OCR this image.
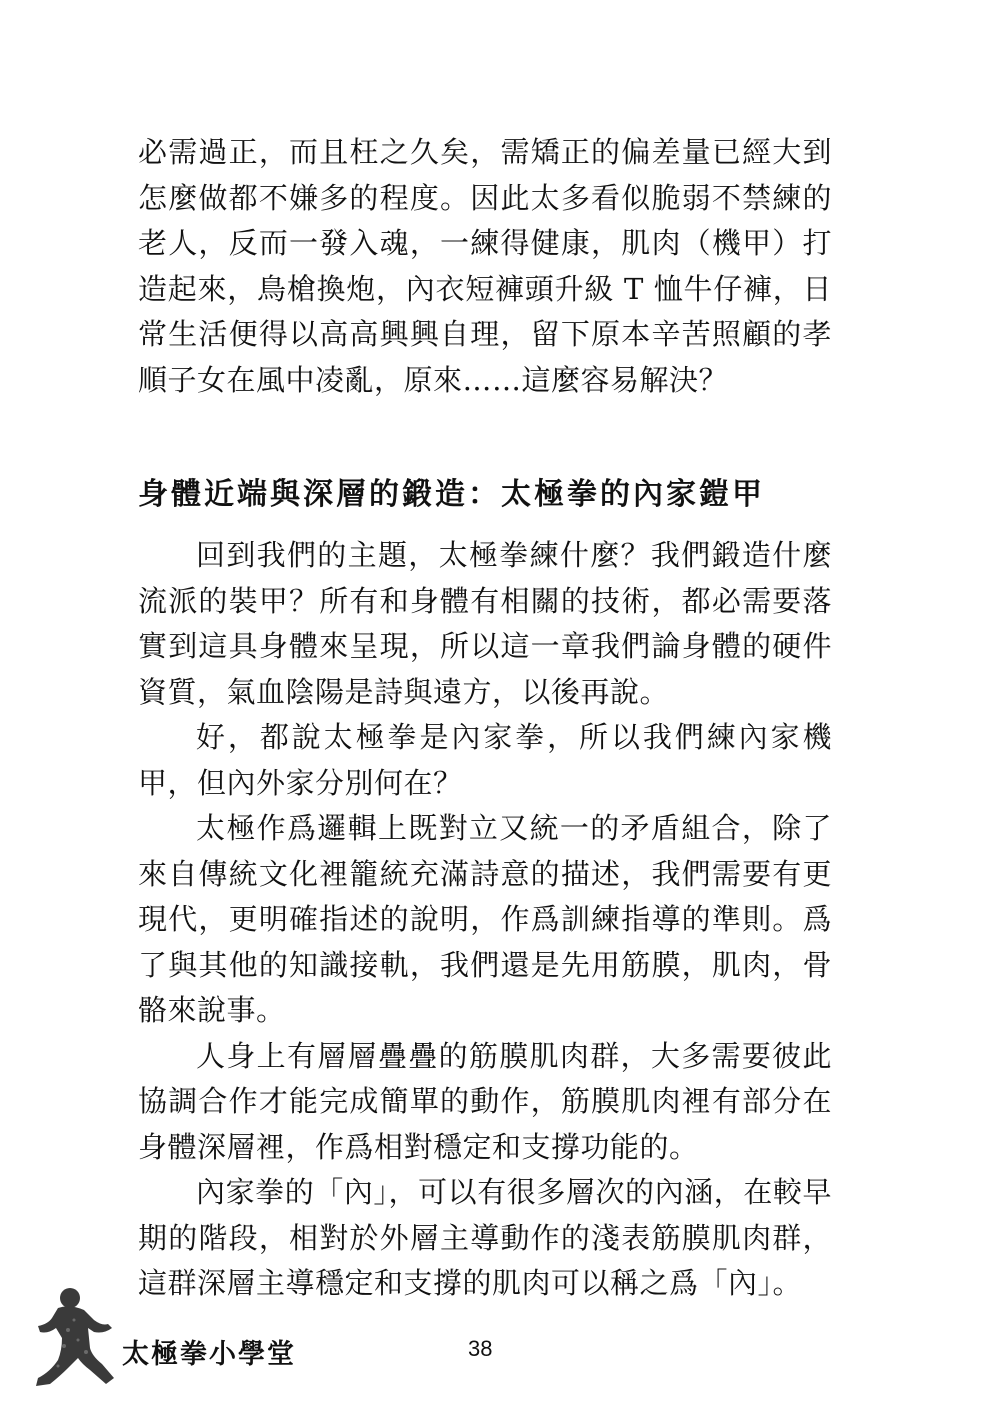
必需過正，而且枉之久矣，需矯正的偏差量已經大到怎麼做都不嫌多的程度。因此太多看似脆弱不禁練的老人，反而一發入魂，一練得健康，肌肉（機甲）打造起來，鳥槍換炮，內衣短褲頭升級 T 恤牛仔褲，日常生活便得以高高興興自理，留下原本辛苦照顧的孝順子女在風中凌亂，原來……這麼容易解決？

身體近端與深層的鍛造：太極拳的內家鎧甲

回到我們的主題，太極拳練什麼？我們鍛造什麼流派的裝甲？所有和身體有相關的技術，都必需要落實到這具身體來呈現，所以這一章我們論身體的硬件資質，氣血陰陽是詩與遠方，以後再說。

好，都說太極拳是內家拳，所以我們練內家機甲，但內外家分別何在？

太極作爲邏輯上既對立又統一的矛盾組合，除了來自傳統文化裡籠統充滿詩意的描述，我們需要有更現代，更明確指述的說明，作爲訓練指導的準則。爲了與其他的知識接軌，我們還是先用筋膜，肌肉，骨骼來說事。

人身上有層層疊疊的筋膜肌肉群，大多需要彼此協調合作才能完成簡單的動作，筋膜肌肉裡有部分在身體深層裡，作爲相對穩定和支撐功能的。

內家拳的「內」，可以有很多層次的內涵，在較早期的階段，相對於外層主導動作的淺表筋膜肌肉群，這群深層主導穩定和支撐的肌肉可以稱之爲「內」。

太極拳小學堂	38
